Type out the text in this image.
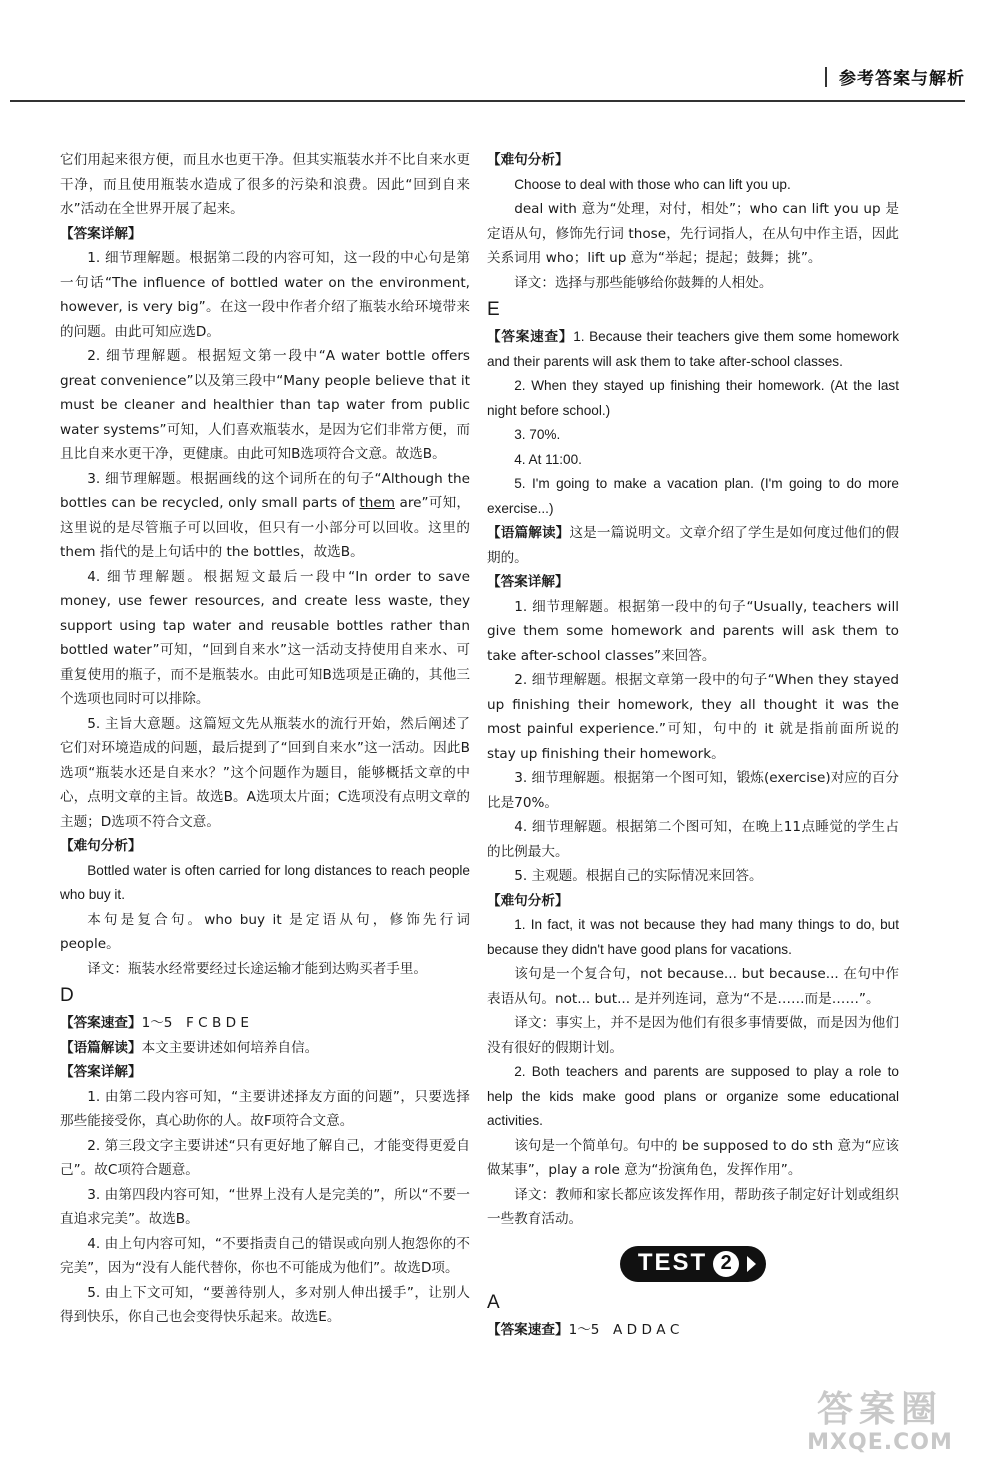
参考答案与解析

它们用起来很方便，而且水也更干净。但其实瓶装水并不比自来水更干净，而且使用瓶装水造成了很多的污染和浪费。因此“回到自来水”活动在全世界开展了起来。

【答案详解】

1. 细节理解题。根据第二段的内容可知，这一段的中心句是第一句话“The influence of bottled water on the environment, however, is very big”。在这一段中作者介绍了瓶装水给环境带来的问题。由此可知应选D。

2. 细节理解题。根据短文第一段中“A water bottle offers great convenience”以及第三段中“Many people believe that it must be cleaner and healthier than tap water from public water systems”可知，人们喜欢瓶装水，是因为它们非常方便，而且比自来水更干净，更健康。由此可知B选项符合文意。故选B。

3. 细节理解题。根据画线的这个词所在的句子“Although the bottles can be recycled, only small parts of them are”可知，这里说的是尽管瓶子可以回收，但只有一小部分可以回收。这里的 them 指代的是上句话中的 the bottles，故选B。

4. 细节理解题。根据短文最后一段中“In order to save money, use fewer resources, and create less waste, they support using tap water and reusable bottles rather than bottled water”可知，“回到自来水”这一活动支持使用自来水、可重复使用的瓶子，而不是瓶装水。由此可知B选项是正确的，其他三个选项也同时可以排除。

5. 主旨大意题。这篇短文先从瓶装水的流行开始，然后阐述了它们对环境造成的问题，最后提到了“回到自来水”这一活动。因此B选项“瓶装水还是自来水？”这个问题作为题目，能够概括文章的中心，点明文章的主旨。故选B。A选项太片面；C选项没有点明文章的主题；D选项不符合文意。

【难句分析】

Bottled water is often carried for long distances to reach people who buy it.

本句是复合句。who buy it 是定语从句，修饰先行词 people。

译文：瓶装水经常要经过长途运输才能到达购买者手里。

D

【答案速查】1～5　F C B D E

【语篇解读】本文主要讲述如何培养自信。

【答案详解】

1. 由第二段内容可知，“主要讲述择友方面的问题”，只要选择那些能接受你，真心助你的人。故F项符合文意。

2. 第三段文字主要讲述“只有更好地了解自己，才能变得更爱自己”。故C项符合题意。

3. 由第四段内容可知，“世界上没有人是完美的”，所以“不要一直追求完美”。故选B。

4. 由上句内容可知，“不要指责自己的错误或向别人抱怨你的不完美”，因为“没有人能代替你，你也不可能成为他们”。故选D项。

5. 由上下文可知，“要善待别人，多对别人伸出援手”，让别人得到快乐，你自己也会变得快乐起来。故选E。

【难句分析】

Choose to deal with those who can lift you up.

deal with 意为“处理，对付，相处”；who can lift you up 是定语从句，修饰先行词 those，先行词指人，在从句中作主语，因此关系词用 who；lift up 意为“举起；提起；鼓舞；挑”。

译文：选择与那些能够给你鼓舞的人相处。

E

【答案速查】1. Because their teachers give them some homework and their parents will ask them to take after-school classes.

2. When they stayed up finishing their homework. (At the last night before school.)

3. 70%.

4. At 11:00.

5. I'm going to make a vacation plan. (I'm going to do more exercise...)

【语篇解读】这是一篇说明文。文章介绍了学生是如何度过他们的假期的。

【答案详解】

1. 细节理解题。根据第一段中的句子“Usually, teachers will give them some homework and parents will ask them to take after-school classes”来回答。

2. 细节理解题。根据文章第一段中的句子“When they stayed up finishing their homework, they all thought it was the most painful experience.”可知，句中的 it 就是指前面所说的 stay up finishing their homework。

3. 细节理解题。根据第一个图可知，锻炼(exercise)对应的百分比是70%。

4. 细节理解题。根据第二个图可知，在晚上11点睡觉的学生占的比例最大。

5. 主观题。根据自己的实际情况来回答。

【难句分析】

1. In fact, it was not because they had many things to do, but because they didn't have good plans for vacations.

该句是一个复合句，not because... but because... 在句中作表语从句。not... but... 是并列连词，意为“不是……而是……”。

译文：事实上，并不是因为他们有很多事情要做，而是因为他们没有很好的假期计划。

2. Both teachers and parents are supposed to play a role to help the kids make good plans or organize some educational activities.

该句是一个简单句。句中的 be supposed to do sth 意为“应该做某事”，play a role 意为“扮演角色，发挥作用”。

译文：教师和家长都应该发挥作用，帮助孩子制定好计划或组织一些教育活动。

TEST 2

A

【答案速查】1～5　A D D A C

答案圈
MXQE.COM
